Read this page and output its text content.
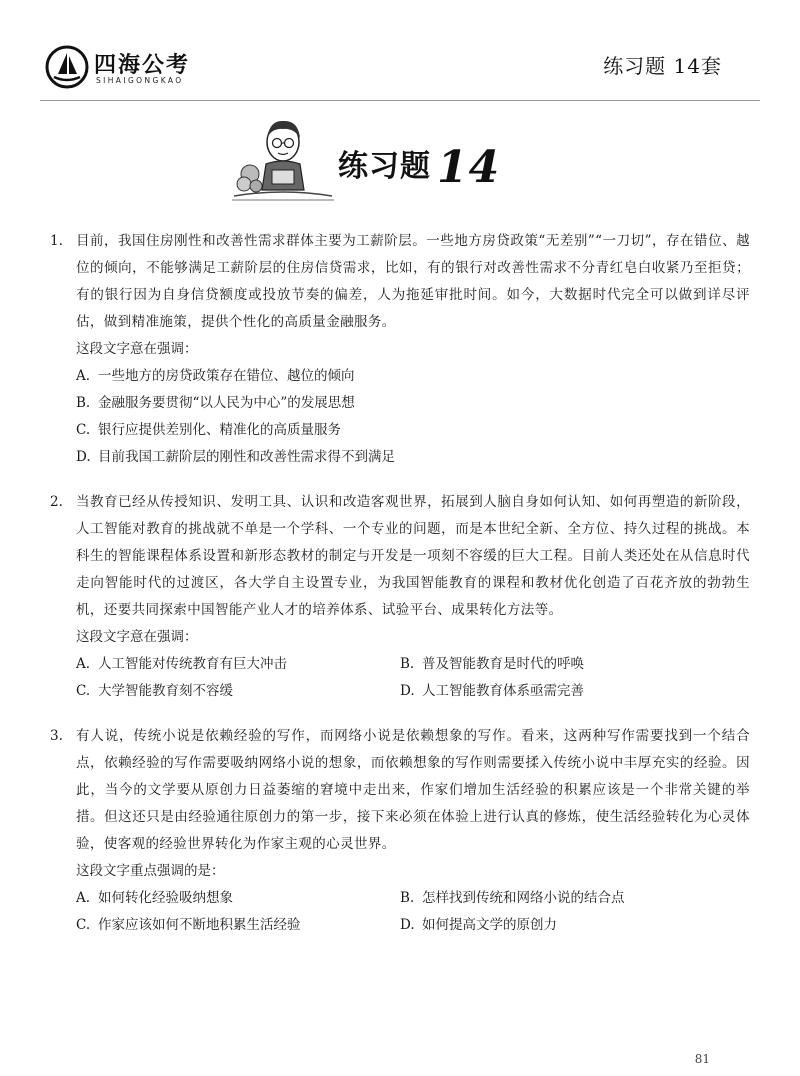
四海公考
SIHAIGONGKAO
练习题 14套
练习题 14
1. 目前，我国住房刚性和改善性需求群体主要为工薪阶层。一些地方房贷政策“无差别”“一刀切”，存在错位、越位的倾向，不能够满足工薪阶层的住房信贷需求，比如，有的银行对改善性需求不分青红皂白收紧乃至拒贷；有的银行因为自身信贷额度或投放节奏的偏差，人为拖延审批时间。如今，大数据时代完全可以做到详尽评估，做到精准施策，提供个性化的高质量金融服务。
这段文字意在强调：
A. 一些地方的房贷政策存在错位、越位的倾向
B. 金融服务要贯彻“以人民为中心”的发展思想
C. 银行应提供差别化、精准化的高质量服务
D. 目前我国工薪阶层的刚性和改善性需求得不到满足
2. 当教育已经从传授知识、发明工具、认识和改造客观世界，拓展到人脑自身如何认知、如何再塑造的新阶段，人工智能对教育的挑战就不单是一个学科、一个专业的问题，而是本世纪全新、全方位、持久过程的挑战。本科生的智能课程体系设置和新形态教材的制定与开发是一项刻不容缓的巨大工程。目前人类还处在从信息时代走向智能时代的过渡区，各大学自主设置专业，为我国智能教育的课程和教材优化创造了百花齐放的勃勃生机，还要共同探索中国智能产业人才的培养体系、试验平台、成果转化方法等。
这段文字意在强调：
A. 人工智能对传统教育有巨大冲击	B. 普及智能教育是时代的呼唤
C. 大学智能教育刻不容缓	D. 人工智能教育体系亟需完善
3. 有人说，传统小说是依赖经验的写作，而网络小说是依赖想象的写作。看来，这两种写作需要找到一个结合点，依赖经验的写作需要吸纳网络小说的想象，而依赖想象的写作则需要揉入传统小说中丰厚充实的经验。因此，当今的文学要从原创力日益萎缩的窘境中走出来，作家们增加生活经验的积累应该是一个非常关键的举措。但这还只是由经验通往原创力的第一步，接下来必须在体验上进行认真的修炼，使生活经验转化为心灵体验，使客观的经验世界转化为作家主观的心灵世界。
这段文字重点强调的是：
A. 如何转化经验吸纳想象	B. 怎样找到传统和网络小说的结合点
C. 作家应该如何不断地积累生活经验	D. 如何提高文学的原创力
81
